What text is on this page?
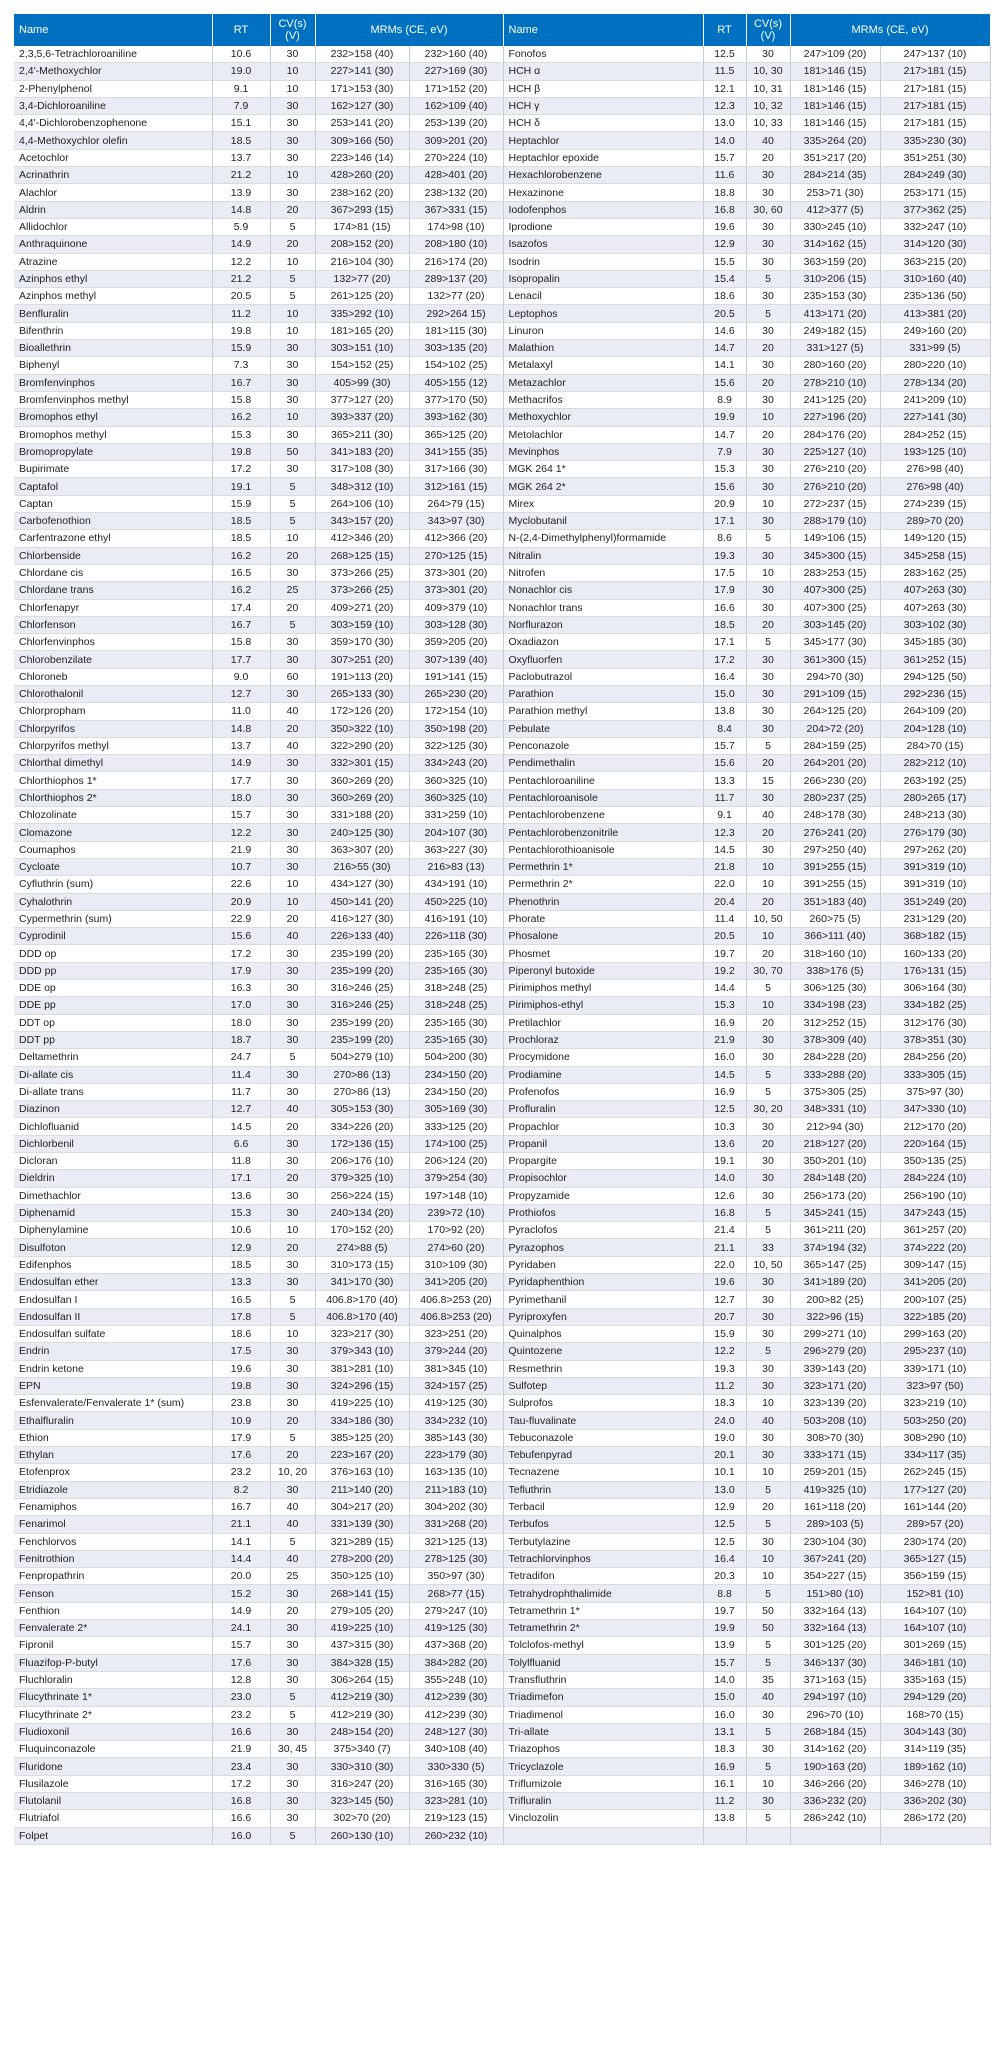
Name	RT	CV(s) (V)	MRMs (CE, eV)		Name	RT	CV(s) (V)	MRMs (CE, eV)	
2,3,5,6-Tetrachloroaniline	10.6	30	232>158 (40)	232>160 (40)	Fonofos	12.5	30	247>109 (20)	247>137 (10)
2,4'-Methoxychlor	19.0	10	227>141 (30)	227>169 (30)	HCH α	11.5	10, 30	181>146 (15)	217>181 (15)
2-Phenylphenol	9.1	10	171>153 (30)	171>152 (20)	HCH β	12.1	10, 31	181>146 (15)	217>181 (15)
3,4-Dichloroaniline	7.9	30	162>127 (30)	162>109 (40)	HCH γ	12.3	10, 32	181>146 (15)	217>181 (15)
4,4'-Dichlorobenzophenone	15.1	30	253>141 (20)	253>139 (20)	HCH δ	13.0	10, 33	181>146 (15)	217>181 (15)
4,4-Methoxychlor olefin	18.5	30	309>166 (50)	309>201 (20)	Heptachlor	14.0	40	335>264 (20)	335>230 (30)
Acetochlor	13.7	30	223>146 (14)	270>224 (10)	Heptachlor epoxide	15.7	20	351>217 (20)	351>251 (30)
Acrinathrin	21.2	10	428>260 (20)	428>401 (20)	Hexachlorobenzene	11.6	30	284>214 (35)	284>249 (30)
Alachlor	13.9	30	238>162 (20)	238>132 (20)	Hexazinone	18.8	30	253>71 (30)	253>171 (15)
Aldrin	14.8	20	367>293 (15)	367>331 (15)	Iodofenphos	16.8	30, 60	412>377 (5)	377>362 (25)
Allidochlor	5.9	5	174>81 (15)	174>98 (10)	Iprodione	19.6	30	330>245 (10)	332>247 (10)
Anthraquinone	14.9	20	208>152 (20)	208>180 (10)	Isazofos	12.9	30	314>162 (15)	314>120 (30)
Atrazine	12.2	10	216>104 (30)	216>174 (20)	Isodrin	15.5	30	363>159 (20)	363>215 (20)
Azinphos ethyl	21.2	5	132>77 (20)	289>137 (20)	Isopropalin	15.4	5	310>206 (15)	310>160 (40)
Azinphos methyl	20.5	5	261>125 (20)	132>77 (20)	Lenacil	18.6	30	235>153 (30)	235>136 (50)
Benfluralin	11.2	10	335>292 (10)	292>264 15)	Leptophos	20.5	5	413>171 (20)	413>381 (20)
Bifenthrin	19.8	10	181>165 (20)	181>115 (30)	Linuron	14.6	30	249>182 (15)	249>160 (20)
Bioallethrin	15.9	30	303>151 (10)	303>135 (20)	Malathion	14.7	20	331>127 (5)	331>99 (5)
Biphenyl	7.3	30	154>152 (25)	154>102 (25)	Metalaxyl	14.1	30	280>160 (20)	280>220 (10)
Bromfenvinphos	16.7	30	405>99 (30)	405>155 (12)	Metazachlor	15.6	20	278>210 (10)	278>134 (20)
Bromfenvinphos methyl	15.8	30	377>127 (20)	377>170 (50)	Methacrifos	8.9	30	241>125 (20)	241>209 (10)
Bromophos ethyl	16.2	10	393>337 (20)	393>162 (30)	Methoxychlor	19.9	10	227>196 (20)	227>141 (30)
Bromophos methyl	15.3	30	365>211 (30)	365>125 (20)	Metolachlor	14.7	20	284>176 (20)	284>252 (15)
Bromopropylate	19.8	50	341>183 (20)	341>155 (35)	Mevinphos	7.9	30	225>127 (10)	193>125 (10)
Bupirimate	17.2	30	317>108 (30)	317>166 (30)	MGK 264 1*	15.3	30	276>210 (20)	276>98 (40)
Captafol	19.1	5	348>312 (10)	312>161 (15)	MGK 264 2*	15.6	30	276>210 (20)	276>98 (40)
Captan	15.9	5	264>106 (10)	264>79 (15)	Mirex	20.9	10	272>237 (15)	274>239 (15)
Carbofenothion	18.5	5	343>157 (20)	343>97 (30)	Myclobutanil	17.1	30	288>179 (10)	289>70 (20)
Carfentrazone ethyl	18.5	10	412>346 (20)	412>366 (20)	N-(2,4-Dimethylphenyl)formamide	8.6	5	149>106 (15)	149>120 (15)
Chlorbenside	16.2	20	268>125 (15)	270>125 (15)	Nitralin	19.3	30	345>300 (15)	345>258 (15)
Chlordane cis	16.5	30	373>266 (25)	373>301 (20)	Nitrofen	17.5	10	283>253 (15)	283>162 (25)
Chlordane trans	16.2	25	373>266 (25)	373>301 (20)	Nonachlor cis	17.9	30	407>300 (25)	407>263 (30)
Chlorfenapyr	17.4	20	409>271 (20)	409>379 (10)	Nonachlor trans	16.6	30	407>300 (25)	407>263 (30)
Chlorfenson	16.7	5	303>159 (10)	303>128 (30)	Norflurazon	18.5	20	303>145 (20)	303>102 (30)
Chlorfenvinphos	15.8	30	359>170 (30)	359>205 (20)	Oxadiazon	17.1	5	345>177 (30)	345>185 (30)
Chlorobenzilate	17.7	30	307>251 (20)	307>139 (40)	Oxyfluorfen	17.2	30	361>300 (15)	361>252 (15)
Chloroneb	9.0	60	191>113 (20)	191>141 (15)	Paclobutrazol	16.4	30	294>70 (30)	294>125 (50)
Chlorothalonil	12.7	30	265>133 (30)	265>230 (20)	Parathion	15.0	30	291>109 (15)	292>236 (15)
Chlorpropham	11.0	40	172>126 (20)	172>154 (10)	Parathion methyl	13.8	30	264>125 (20)	264>109 (20)
Chlorpyrifos	14.8	20	350>322 (10)	350>198 (20)	Pebulate	8.4	30	204>72 (20)	204>128 (10)
Chlorpyrifos methyl	13.7	40	322>290 (20)	322>125 (30)	Penconazole	15.7	5	284>159 (25)	284>70 (15)
Chlorthal dimethyl	14.9	30	332>301 (15)	334>243 (20)	Pendimethalin	15.6	20	264>201 (20)	282>212 (10)
Chlorthiophos 1*	17.7	30	360>269 (20)	360>325 (10)	Pentachloroaniline	13.3	15	266>230 (20)	263>192 (25)
Chlorthiophos 2*	18.0	30	360>269 (20)	360>325 (10)	Pentachloroanisole	11.7	30	280>237 (25)	280>265 (17)
Chlozolinate	15.7	30	331>188 (20)	331>259 (10)	Pentachlorobenzene	9.1	40	248>178 (30)	248>213 (30)
Clomazone	12.2	30	240>125 (30)	204>107 (30)	Pentachlorobenzonitrile	12.3	20	276>241 (20)	276>179 (30)
Coumaphos	21.9	30	363>307 (20)	363>227 (30)	Pentachlorothioanisole	14.5	30	297>250 (40)	297>262 (20)
Cycloate	10.7	30	216>55 (30)	216>83 (13)	Permethrin 1*	21.8	10	391>255 (15)	391>319 (10)
Cyfluthrin (sum)	22.6	10	434>127 (30)	434>191 (10)	Permethrin 2*	22.0	10	391>255 (15)	391>319 (10)
Cyhalothrin	20.9	10	450>141 (20)	450>225 (10)	Phenothrin	20.4	20	351>183 (40)	351>249 (20)
Cypermethrin (sum)	22.9	20	416>127 (30)	416>191 (10)	Phorate	11.4	10, 50	260>75 (5)	231>129 (20)
Cyprodinil	15.6	40	226>133 (40)	226>118 (30)	Phosalone	20.5	10	366>111 (40)	368>182 (15)
DDD op	17.2	30	235>199 (20)	235>165 (30)	Phosmet	19.7	20	318>160 (10)	160>133 (20)
DDD pp	17.9	30	235>199 (20)	235>165 (30)	Piperonyl butoxide	19.2	30, 70	338>176 (5)	176>131 (15)
DDE op	16.3	30	316>246 (25)	318>248 (25)	Pirimiphos methyl	14.4	5	306>125 (30)	306>164 (30)
DDE pp	17.0	30	316>246 (25)	318>248 (25)	Pirimiphos-ethyl	15.3	10	334>198 (23)	334>182 (25)
DDT op	18.0	30	235>199 (20)	235>165 (30)	Pretilachlor	16.9	20	312>252 (15)	312>176 (30)
DDT pp	18.7	30	235>199 (20)	235>165 (30)	Prochloraz	21.9	30	378>309 (40)	378>351 (30)
Deltamethrin	24.7	5	504>279 (10)	504>200 (30)	Procymidone	16.0	30	284>228 (20)	284>256 (20)
Di-allate cis	11.4	30	270>86 (13)	234>150 (20)	Prodiamine	14.5	5	333>288 (20)	333>305 (15)
Di-allate trans	11.7	30	270>86 (13)	234>150 (20)	Profenofos	16.9	5	375>305 (25)	375>97 (30)
Diazinon	12.7	40	305>153 (30)	305>169 (30)	Profluralin	12.5	30, 20	348>331 (10)	347>330 (10)
Dichlofluanid	14.5	20	334>226 (20)	333>125 (20)	Propachlor	10.3	30	212>94 (30)	212>170 (20)
Dichlorbenil	6.6	30	172>136 (15)	174>100 (25)	Propanil	13.6	20	218>127 (20)	220>164 (15)
Dicloran	11.8	30	206>176 (10)	206>124 (20)	Propargite	19.1	30	350>201 (10)	350>135 (25)
Dieldrin	17.1	20	379>325 (10)	379>254 (30)	Propisochlor	14.0	30	284>148 (20)	284>224 (10)
Dimethachlor	13.6	30	256>224 (15)	197>148 (10)	Propyzamide	12.6	30	256>173 (20)	256>190 (10)
Diphenamid	15.3	30	240>134 (20)	239>72 (10)	Prothiofos	16.8	5	345>241 (15)	347>243 (15)
Diphenylamine	10.6	10	170>152 (20)	170>92 (20)	Pyraclofos	21.4	5	361>211 (20)	361>257 (20)
Disulfoton	12.9	20	274>88 (5)	274>60 (20)	Pyrazophos	21.1	33	374>194 (32)	374>222 (20)
Edifenphos	18.5	30	310>173 (15)	310>109 (30)	Pyridaben	22.0	10, 50	365>147 (25)	309>147 (15)
Endosulfan ether	13.3	30	341>170 (30)	341>205 (20)	Pyridaphenthion	19.6	30	341>189 (20)	341>205 (20)
Endosulfan I	16.5	5	406.8>170 (40)	406.8>253 (20)	Pyrimethanil	12.7	30	200>82 (25)	200>107 (25)
Endosulfan II	17.8	5	406.8>170 (40)	406.8>253 (20)	Pyriproxyfen	20.7	30	322>96 (15)	322>185 (20)
Endosulfan sulfate	18.6	10	323>217 (30)	323>251 (20)	Quinalphos	15.9	30	299>271 (10)	299>163 (20)
Endrin	17.5	30	379>343 (10)	379>244 (20)	Quintozene	12.2	5	296>279 (20)	295>237 (10)
Endrin ketone	19.6	30	381>281 (10)	381>345 (10)	Resmethrin	19.3	30	339>143 (20)	339>171 (10)
EPN	19.8	30	324>296 (15)	324>157 (25)	Sulfotep	11.2	30	323>171 (20)	323>97 (50)
Esfenvalerate/Fenvalerate 1* (sum)	23.8	30	419>225 (10)	419>125 (30)	Sulprofos	18.3	10	323>139 (20)	323>219 (10)
Ethalfluralin	10.9	20	334>186 (30)	334>232 (10)	Tau-fluvalinate	24.0	40	503>208 (10)	503>250 (20)
Ethion	17.9	5	385>125 (20)	385>143 (30)	Tebuconazole	19.0	30	308>70 (30)	308>290 (10)
Ethylan	17.6	20	223>167 (20)	223>179 (30)	Tebufenpyrad	20.1	30	333>171 (15)	334>117 (35)
Etofenprox	23.2	10, 20	376>163 (10)	163>135 (10)	Tecnazene	10.1	10	259>201 (15)	262>245 (15)
Etridiazole	8.2	30	211>140 (20)	211>183 (10)	Tefluthrin	13.0	5	419>325 (10)	177>127 (20)
Fenamiphos	16.7	40	304>217 (20)	304>202 (30)	Terbacil	12.9	20	161>118 (20)	161>144 (20)
Fenarimol	21.1	40	331>139 (30)	331>268 (20)	Terbufos	12.5	5	289>103 (5)	289>57 (20)
Fenchlorvos	14.1	5	321>289 (15)	321>125 (13)	Terbutylazine	12.5	30	230>104 (30)	230>174 (20)
Fenitrothion	14.4	40	278>200 (20)	278>125 (30)	Tetrachlorvinphos	16.4	10	367>241 (20)	365>127 (15)
Fenpropathrin	20.0	25	350>125 (10)	350>97 (30)	Tetradifon	20.3	10	354>227 (15)	356>159 (15)
Fenson	15.2	30	268>141 (15)	268>77 (15)	Tetrahydrophthalimide	8.8	5	151>80 (10)	152>81 (10)
Fenthion	14.9	20	279>105 (20)	279>247 (10)	Tetramethrin 1*	19.7	50	332>164 (13)	164>107 (10)
Fenvalerate 2*	24.1	30	419>225 (10)	419>125 (30)	Tetramethrin 2*	19.9	50	332>164 (13)	164>107 (10)
Fipronil	15.7	30	437>315 (30)	437>368 (20)	Tolclofos-methyl	13.9	5	301>125 (20)	301>269 (15)
Fluazifop-P-butyl	17.6	30	384>328 (15)	384>282 (20)	Tolylfluanid	15.7	5	346>137 (30)	346>181 (10)
Fluchloralin	12.8	30	306>264 (15)	355>248 (10)	Transfluthrin	14.0	35	371>163 (15)	335>163 (15)
Flucythrinate 1*	23.0	5	412>219 (30)	412>239 (30)	Triadimefon	15.0	40	294>197 (10)	294>129 (20)
Flucythrinate 2*	23.2	5	412>219 (30)	412>239 (30)	Triadimenol	16.0	30	296>70 (10)	168>70 (15)
Fludioxonil	16.6	30	248>154 (20)	248>127 (30)	Tri-allate	13.1	5	268>184 (15)	304>143 (30)
Fluquinconazole	21.9	30, 45	375>340 (7)	340>108 (40)	Triazophos	18.3	30	314>162 (20)	314>119 (35)
Fluridone	23.4	30	330>310 (30)	330>330 (5)	Tricyclazole	16.9	5	190>163 (20)	189>162 (10)
Flusilazole	17.2	30	316>247 (20)	316>165 (30)	Triflumizole	16.1	10	346>266 (20)	346>278 (10)
Flutolanil	16.8	30	323>145 (50)	323>281 (10)	Trifluralin	11.2	30	336>232 (20)	336>202 (30)
Flutriafol	16.6	30	302>70 (20)	219>123 (15)	Vinclozolin	13.8	5	286>242 (10)	286>172 (20)
Folpet	16.0	5	260>130 (10)	260>232 (10)					
